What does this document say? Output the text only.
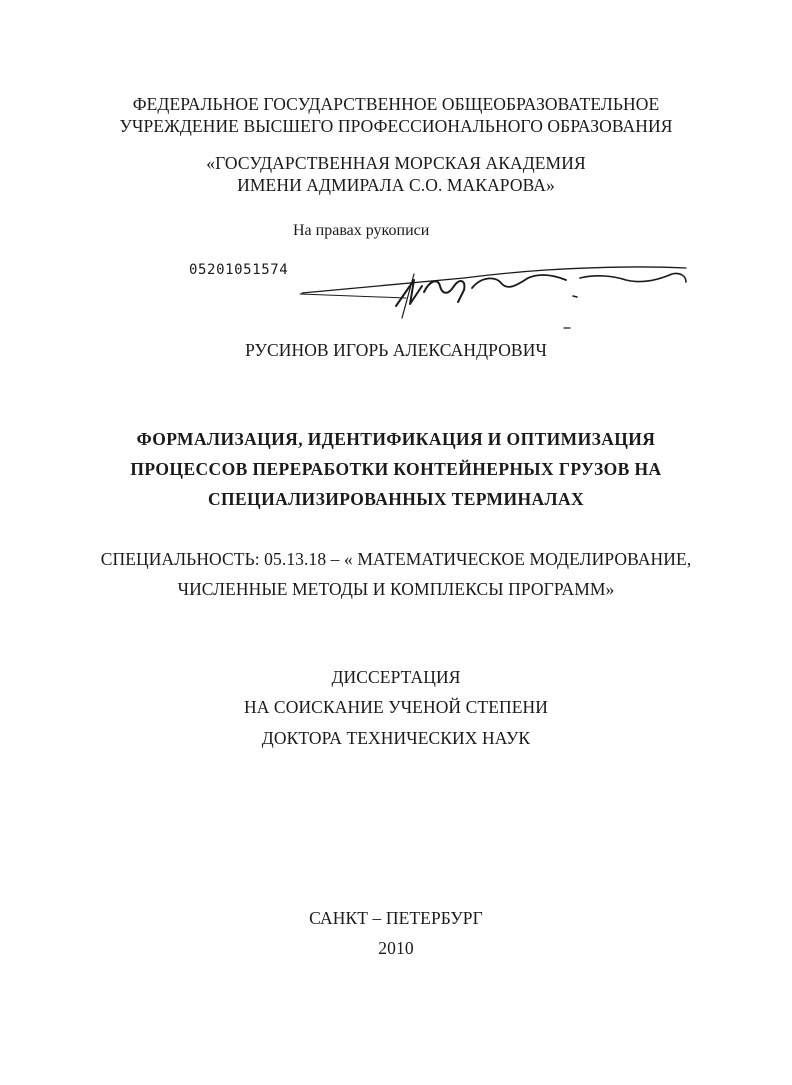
ФЕДЕРАЛЬНОЕ ГОСУДАРСТВЕННОЕ ОБЩЕОБРАЗОВАТЕЛЬНОЕ
УЧРЕЖДЕНИЕ ВЫСШЕГО ПРОФЕССИОНАЛЬНОГО ОБРАЗОВАНИЯ
«ГОСУДАРСТВЕННАЯ МОРСКАЯ АКАДЕМИЯ
ИМЕНИ АДМИРАЛА С.О. МАКАРОВА»
На правах рукописи
05201051574
РУСИНОВ ИГОРЬ АЛЕКСАНДРОВИЧ
ФОРМАЛИЗАЦИЯ, ИДЕНТИФИКАЦИЯ И ОПТИМИЗАЦИЯ
ПРОЦЕССОВ ПЕРЕРАБОТКИ КОНТЕЙНЕРНЫХ ГРУЗОВ НА
СПЕЦИАЛИЗИРОВАННЫХ ТЕРМИНАЛАХ
СПЕЦИАЛЬНОСТЬ: 05.13.18 – « МАТЕМАТИЧЕСКОЕ МОДЕЛИРОВАНИЕ,
ЧИСЛЕННЫЕ МЕТОДЫ И КОМПЛЕКСЫ ПРОГРАММ»
ДИССЕРТАЦИЯ
НА СОИСКАНИЕ УЧЕНОЙ СТЕПЕНИ
ДОКТОРА ТЕХНИЧЕСКИХ НАУК
САНКТ – ПЕТЕРБУРГ
2010
